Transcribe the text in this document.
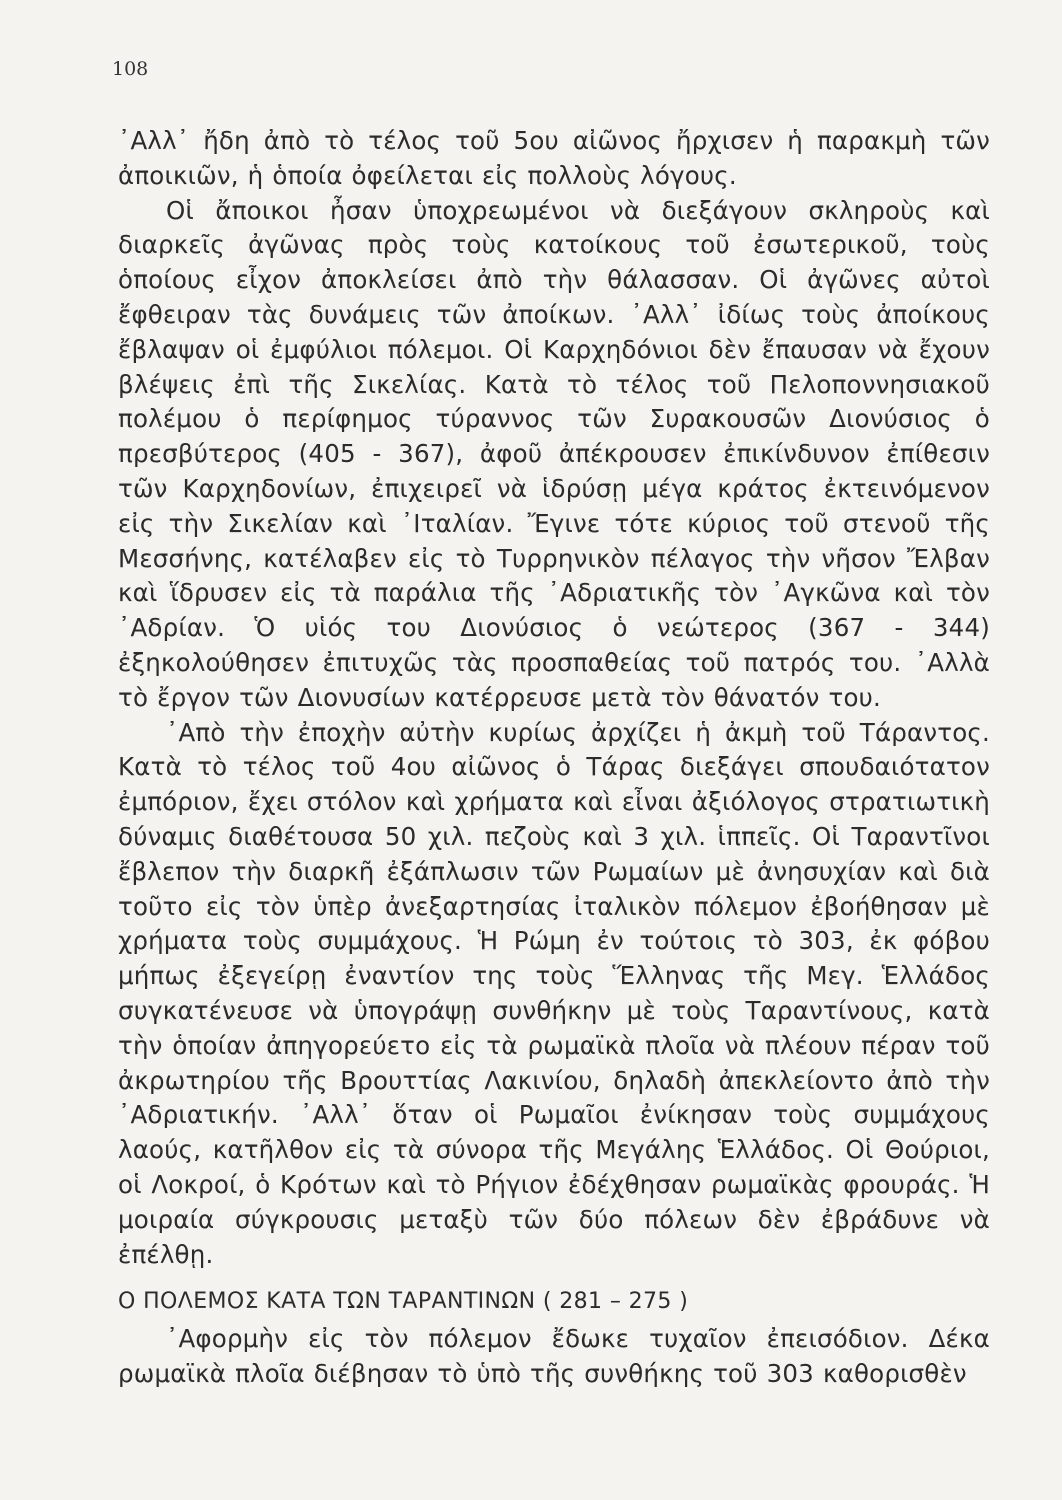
108

᾿Αλλ᾿ ἤδη ἀπὸ τὸ τέλος τοῦ 5ου αἰῶνος ἤρχισεν ἡ παρακμὴ τῶν ἀποικιῶν, ἡ ὁποία ὀφείλεται εἰς πολλοὺς λόγους.

Οἱ ἄποικοι ἦσαν ὑποχρεωμένοι νὰ διεξάγουν σκληροὺς καὶ διαρκεῖς ἀγῶνας πρὸς τοὺς κατοίκους τοῦ ἐσωτερικοῦ, τοὺς ὁποίους εἶχον ἀποκλείσει ἀπὸ τὴν θάλασσαν. Οἱ ἀγῶνες αὐτοὶ ἔφθειραν τὰς δυνάμεις τῶν ἀποίκων. ᾿Αλλ᾿ ἰδίως τοὺς ἀποίκους ἔβλαψαν οἱ ἐμφύλιοι πόλεμοι. Οἱ Καρχηδόνιοι δὲν ἔπαυσαν νὰ ἔχουν βλέψεις ἐπὶ τῆς Σικελίας. Κατὰ τὸ τέλος τοῦ Πελοποννησιακοῦ πολέμου ὁ περίφημος τύραννος τῶν Συρακουσῶν Διονύσιος ὁ πρεσβύτερος (405 - 367), ἀφοῦ ἀπέκρουσεν ἐπικίνδυνον ἐπίθεσιν τῶν Καρχηδονίων, ἐπιχειρεῖ νὰ ἱδρύσῃ μέγα κράτος ἐκτεινόμενον εἰς τὴν Σικελίαν καὶ ᾿Ιταλίαν. Ἔγινε τότε κύριος τοῦ στενοῦ τῆς Μεσσήνης, κατέλαβεν εἰς τὸ Τυρρηνικὸν πέλαγος τὴν νῆσον Ἔλβαν καὶ ἵδρυσεν εἰς τὰ παράλια τῆς ᾿Αδριατικῆς τὸν ᾿Αγκῶνα καὶ τὸν ᾿Αδρίαν. Ὁ υἱός του Διονύσιος ὁ νεώτερος (367 - 344) ἐξηκολούθησεν ἐπιτυχῶς τὰς προσπαθείας τοῦ πατρός του. ᾿Αλλὰ τὸ ἔργον τῶν Διονυσίων κατέρρευσε μετὰ τὸν θάνατόν του.

᾿Απὸ τὴν ἐποχὴν αὐτὴν κυρίως ἀρχίζει ἡ ἀκμὴ τοῦ Τάραντος. Κατὰ τὸ τέλος τοῦ 4ου αἰῶνος ὁ Τάρας διεξάγει σπουδαιότατον ἐμπόριον, ἔχει στόλον καὶ χρήματα καὶ εἶναι ἀξιόλογος στρατιωτικὴ δύναμις διαθέτουσα 50 χιλ. πεζοὺς καὶ 3 χιλ. ἱππεῖς. Οἱ Ταραντῖνοι ἔβλεπον τὴν διαρκῆ ἐξάπλωσιν τῶν Ρωμαίων μὲ ἀνησυχίαν καὶ διὰ τοῦτο εἰς τὸν ὑπὲρ ἀνεξαρτησίας ἰταλικὸν πόλεμον ἐβοήθησαν μὲ χρήματα τοὺς συμμάχους. Ἡ Ρώμη ἐν τούτοις τὸ 303, ἐκ φόβου μήπως ἐξεγείρῃ ἐναντίον της τοὺς Ἕλληνας τῆς Μεγ. Ἑλλάδος συγκατένευσε νὰ ὑπογράψῃ συνθήκην μὲ τοὺς Ταραντίνους, κατὰ τὴν ὁποίαν ἀπηγορεύετο εἰς τὰ ρωμαϊκὰ πλοῖα νὰ πλέουν πέραν τοῦ ἀκρωτηρίου τῆς Βρουττίας Λακινίου, δηλαδὴ ἀπεκλείοντο ἀπὸ τὴν ᾿Αδριατικήν. ᾿Αλλ᾿ ὅταν οἱ Ρωμαῖοι ἐνίκησαν τοὺς συμμάχους λαούς, κατῆλθον εἰς τὰ σύνορα τῆς Μεγάλης Ἑλλάδος. Οἱ Θούριοι, οἱ Λοκροί, ὁ Κρότων καὶ τὸ Ρήγιον ἐδέχθησαν ρωμαϊκὰς φρουράς. Ἡ μοιραία σύγκρουσις μεταξὺ τῶν δύο πόλεων δὲν ἐβράδυνε νὰ ἐπέλθῃ.

Ο ΠΟΛΕΜΟΣ ΚΑΤΑ ΤΩΝ ΤΑΡΑΝΤΙΝΩΝ ( 281 – 275 )

᾿Αφορμὴν εἰς τὸν πόλεμον ἔδωκε τυχαῖον ἐπεισόδιον. Δέκα ρωμαϊκὰ πλοῖα διέβησαν τὸ ὑπὸ τῆς συνθήκης τοῦ 303 καθορισθὲν
